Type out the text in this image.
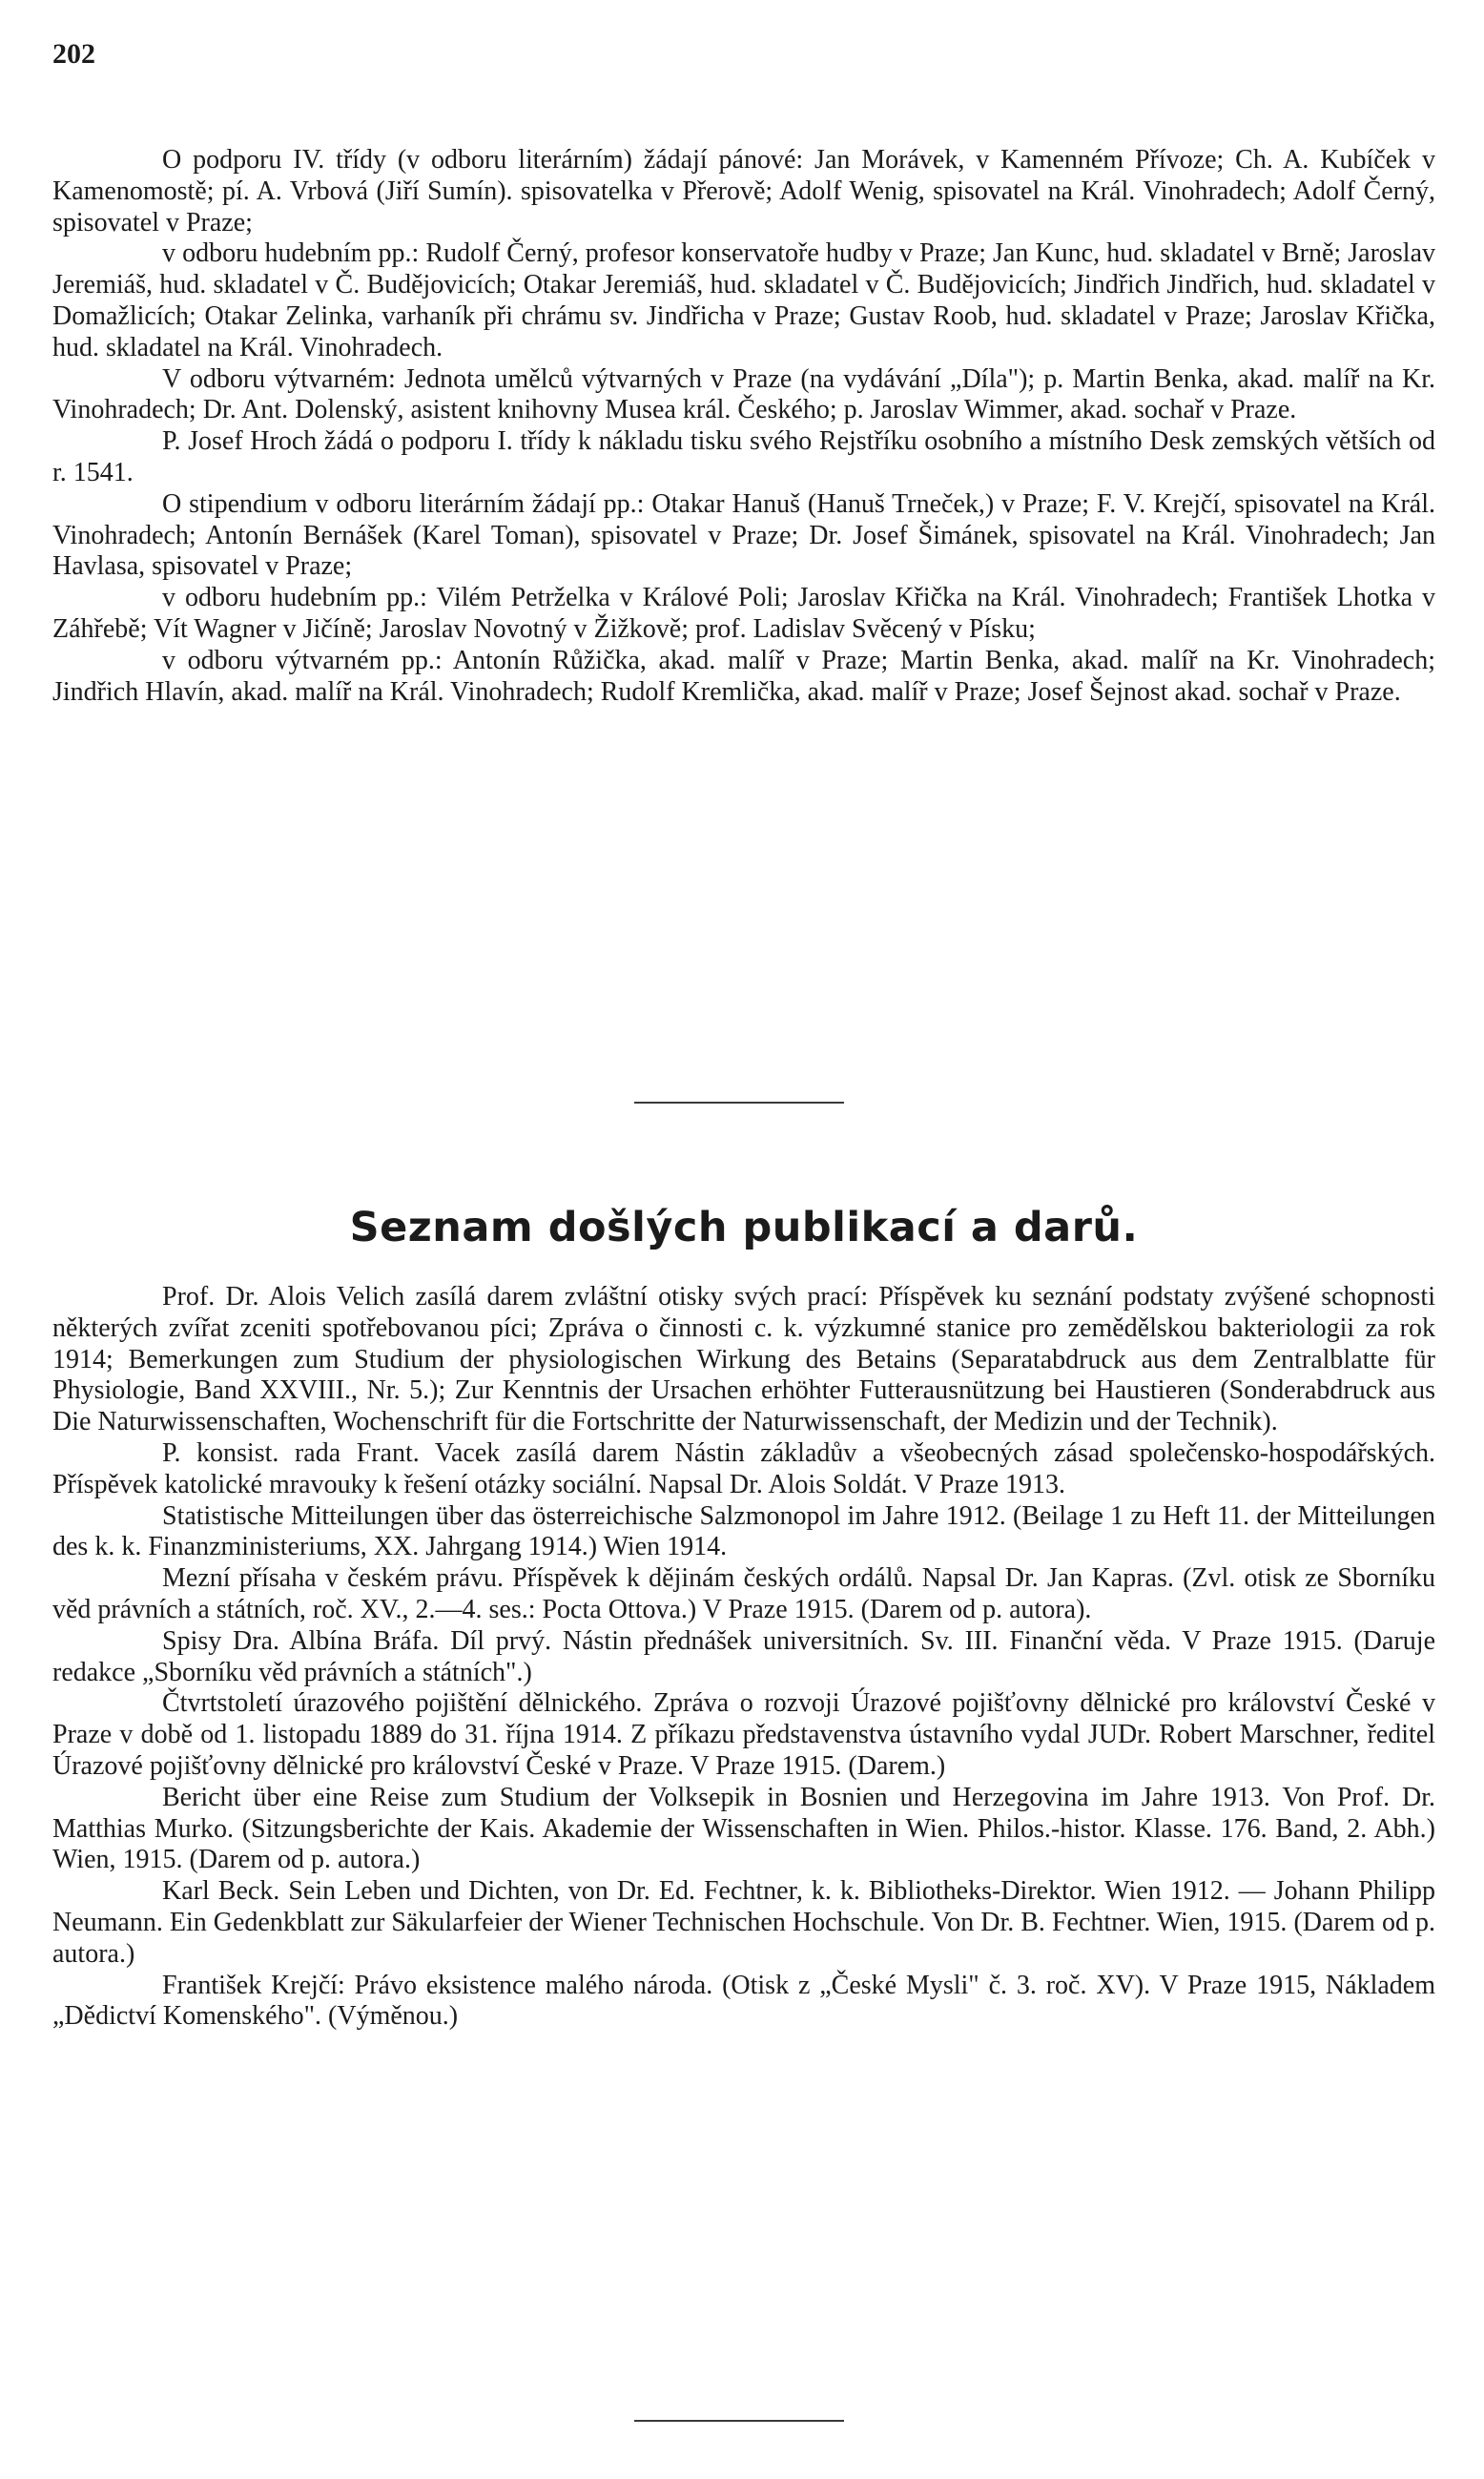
202

O podporu IV. třídy (v odboru literárním) žádají pánové: Jan Morávek, v Kamenném Přívoze; Ch. A. Kubíček v Kamenomostě; pí. A. Vrbová (Jiří Sumín). spisovatelka v Přerově; Adolf Wenig, spisovatel na Král. Vinohradech; Adolf Černý, spisovatel v Praze;

v odboru hudebním pp.: Rudolf Černý, profesor konservatoře hudby v Praze; Jan Kunc, hud. skladatel v Brně; Jaroslav Jeremiáš, hud. skladatel v Č. Budějovicích; Otakar Jeremiáš, hud. skladatel v Č. Budějovicích; Jindřich Jindřich, hud. skladatel v Domažlicích; Otakar Zelinka, varhaník při chrámu sv. Jindřicha v Praze; Gustav Roob, hud. skladatel v Praze; Jaroslav Křička, hud. skladatel na Král. Vinohradech.

V odboru výtvarném: Jednota umělců výtvarných v Praze (na vydávání „Díla"); p. Martin Benka, akad. malíř na Kr. Vinohradech; Dr. Ant. Dolenský, asistent knihovny Musea král. Českého; p. Jaroslav Wimmer, akad. sochař v Praze.

P. Josef Hroch žádá o podporu I. třídy k nákladu tisku svého Rejstříku osobního a místního Desk zemských větších od r. 1541.

O stipendium v odboru literárním žádají pp.: Otakar Hanuš (Hanuš Trneček,) v Praze; F. V. Krejčí, spisovatel na Král. Vinohradech; Antonín Bernášek (Karel Toman), spisovatel v Praze; Dr. Josef Šimánek, spisovatel na Král. Vinohradech; Jan Havlasa, spisovatel v Praze;

v odboru hudebním pp.: Vilém Petrželka v Králové Poli; Jaroslav Křička na Král. Vinohradech; František Lhotka v Záhřebě; Vít Wagner v Jičíně; Jaroslav Novotný v Žižkově; prof. Ladislav Svěcený v Písku;

v odboru výtvarném pp.: Antonín Růžička, akad. malíř v Praze; Martin Benka, akad. malíř na Kr. Vinohradech; Jindřich Hlavín, akad. malíř na Král. Vinohradech; Rudolf Kremlička, akad. malíř v Praze; Josef Šejnost akad. sochař v Praze.

Seznam došlých publikací a darů.

Prof. Dr. Alois Velich zasílá darem zvláštní otisky svých prací: Příspěvek ku seznání podstaty zvýšené schopnosti některých zvířat zceniti spotřebovanou píci; Zpráva o činnosti c. k. výzkumné stanice pro zemědělskou bakteriologii za rok 1914; Bemerkungen zum Studium der physiologischen Wirkung des Betains (Separatabdruck aus dem Zentralblatte für Physiologie, Band XXVIII., Nr. 5.); Zur Kenntnis der Ursachen erhöhter Futterausnützung bei Haustieren (Sonderabdruck aus Die Naturwissenschaften, Wochenschrift für die Fortschritte der Naturwissenschaft, der Medizin und der Technik).

P. konsist. rada Frant. Vacek zasílá darem Nástin základův a všeobecných zásad společensko-hospodářských. Příspěvek katolické mravouky k řešení otázky sociální. Napsal Dr. Alois Soldát. V Praze 1913.

Statistische Mitteilungen über das österreichische Salzmonopol im Jahre 1912. (Beilage 1 zu Heft 11. der Mitteilungen des k. k. Finanzministeriums, XX. Jahrgang 1914.) Wien 1914.

Mezní přísaha v českém právu. Příspěvek k dějinám českých ordálů. Napsal Dr. Jan Kapras. (Zvl. otisk ze Sborníku věd právních a státních, roč. XV., 2.—4. ses.: Pocta Ottova.) V Praze 1915. (Darem od p. autora).

Spisy Dra. Albína Bráfa. Díl prvý. Nástin přednášek universitních. Sv. III. Finanční věda. V Praze 1915. (Daruje redakce „Sborníku věd právních a státních".)

Čtvrtstoletí úrazového pojištění dělnického. Zpráva o rozvoji Úrazové pojišťovny dělnické pro království České v Praze v době od 1. listopadu 1889 do 31. října 1914. Z příkazu představenstva ústavního vydal JUDr. Robert Marschner, ředitel Úrazové pojišťovny dělnické pro království České v Praze. V Praze 1915. (Darem.)

Bericht über eine Reise zum Studium der Volksepik in Bosnien und Herzegovina im Jahre 1913. Von Prof. Dr. Matthias Murko. (Sitzungsberichte der Kais. Akademie der Wissenschaften in Wien. Philos.-histor. Klasse. 176. Band, 2. Abh.) Wien, 1915. (Darem od p. autora.)

Karl Beck. Sein Leben und Dichten, von Dr. Ed. Fechtner, k. k. Bibliotheks-Direktor. Wien 1912. — Johann Philipp Neumann. Ein Gedenkblatt zur Säkularfeier der Wiener Technischen Hochschule. Von Dr. B. Fechtner. Wien, 1915. (Darem od p. autora.)

František Krejčí: Právo eksistence malého národa. (Otisk z „České Mysli" č. 3. roč. XV). V Praze 1915, Nákladem „Dědictví Komenského". (Výměnou.)
